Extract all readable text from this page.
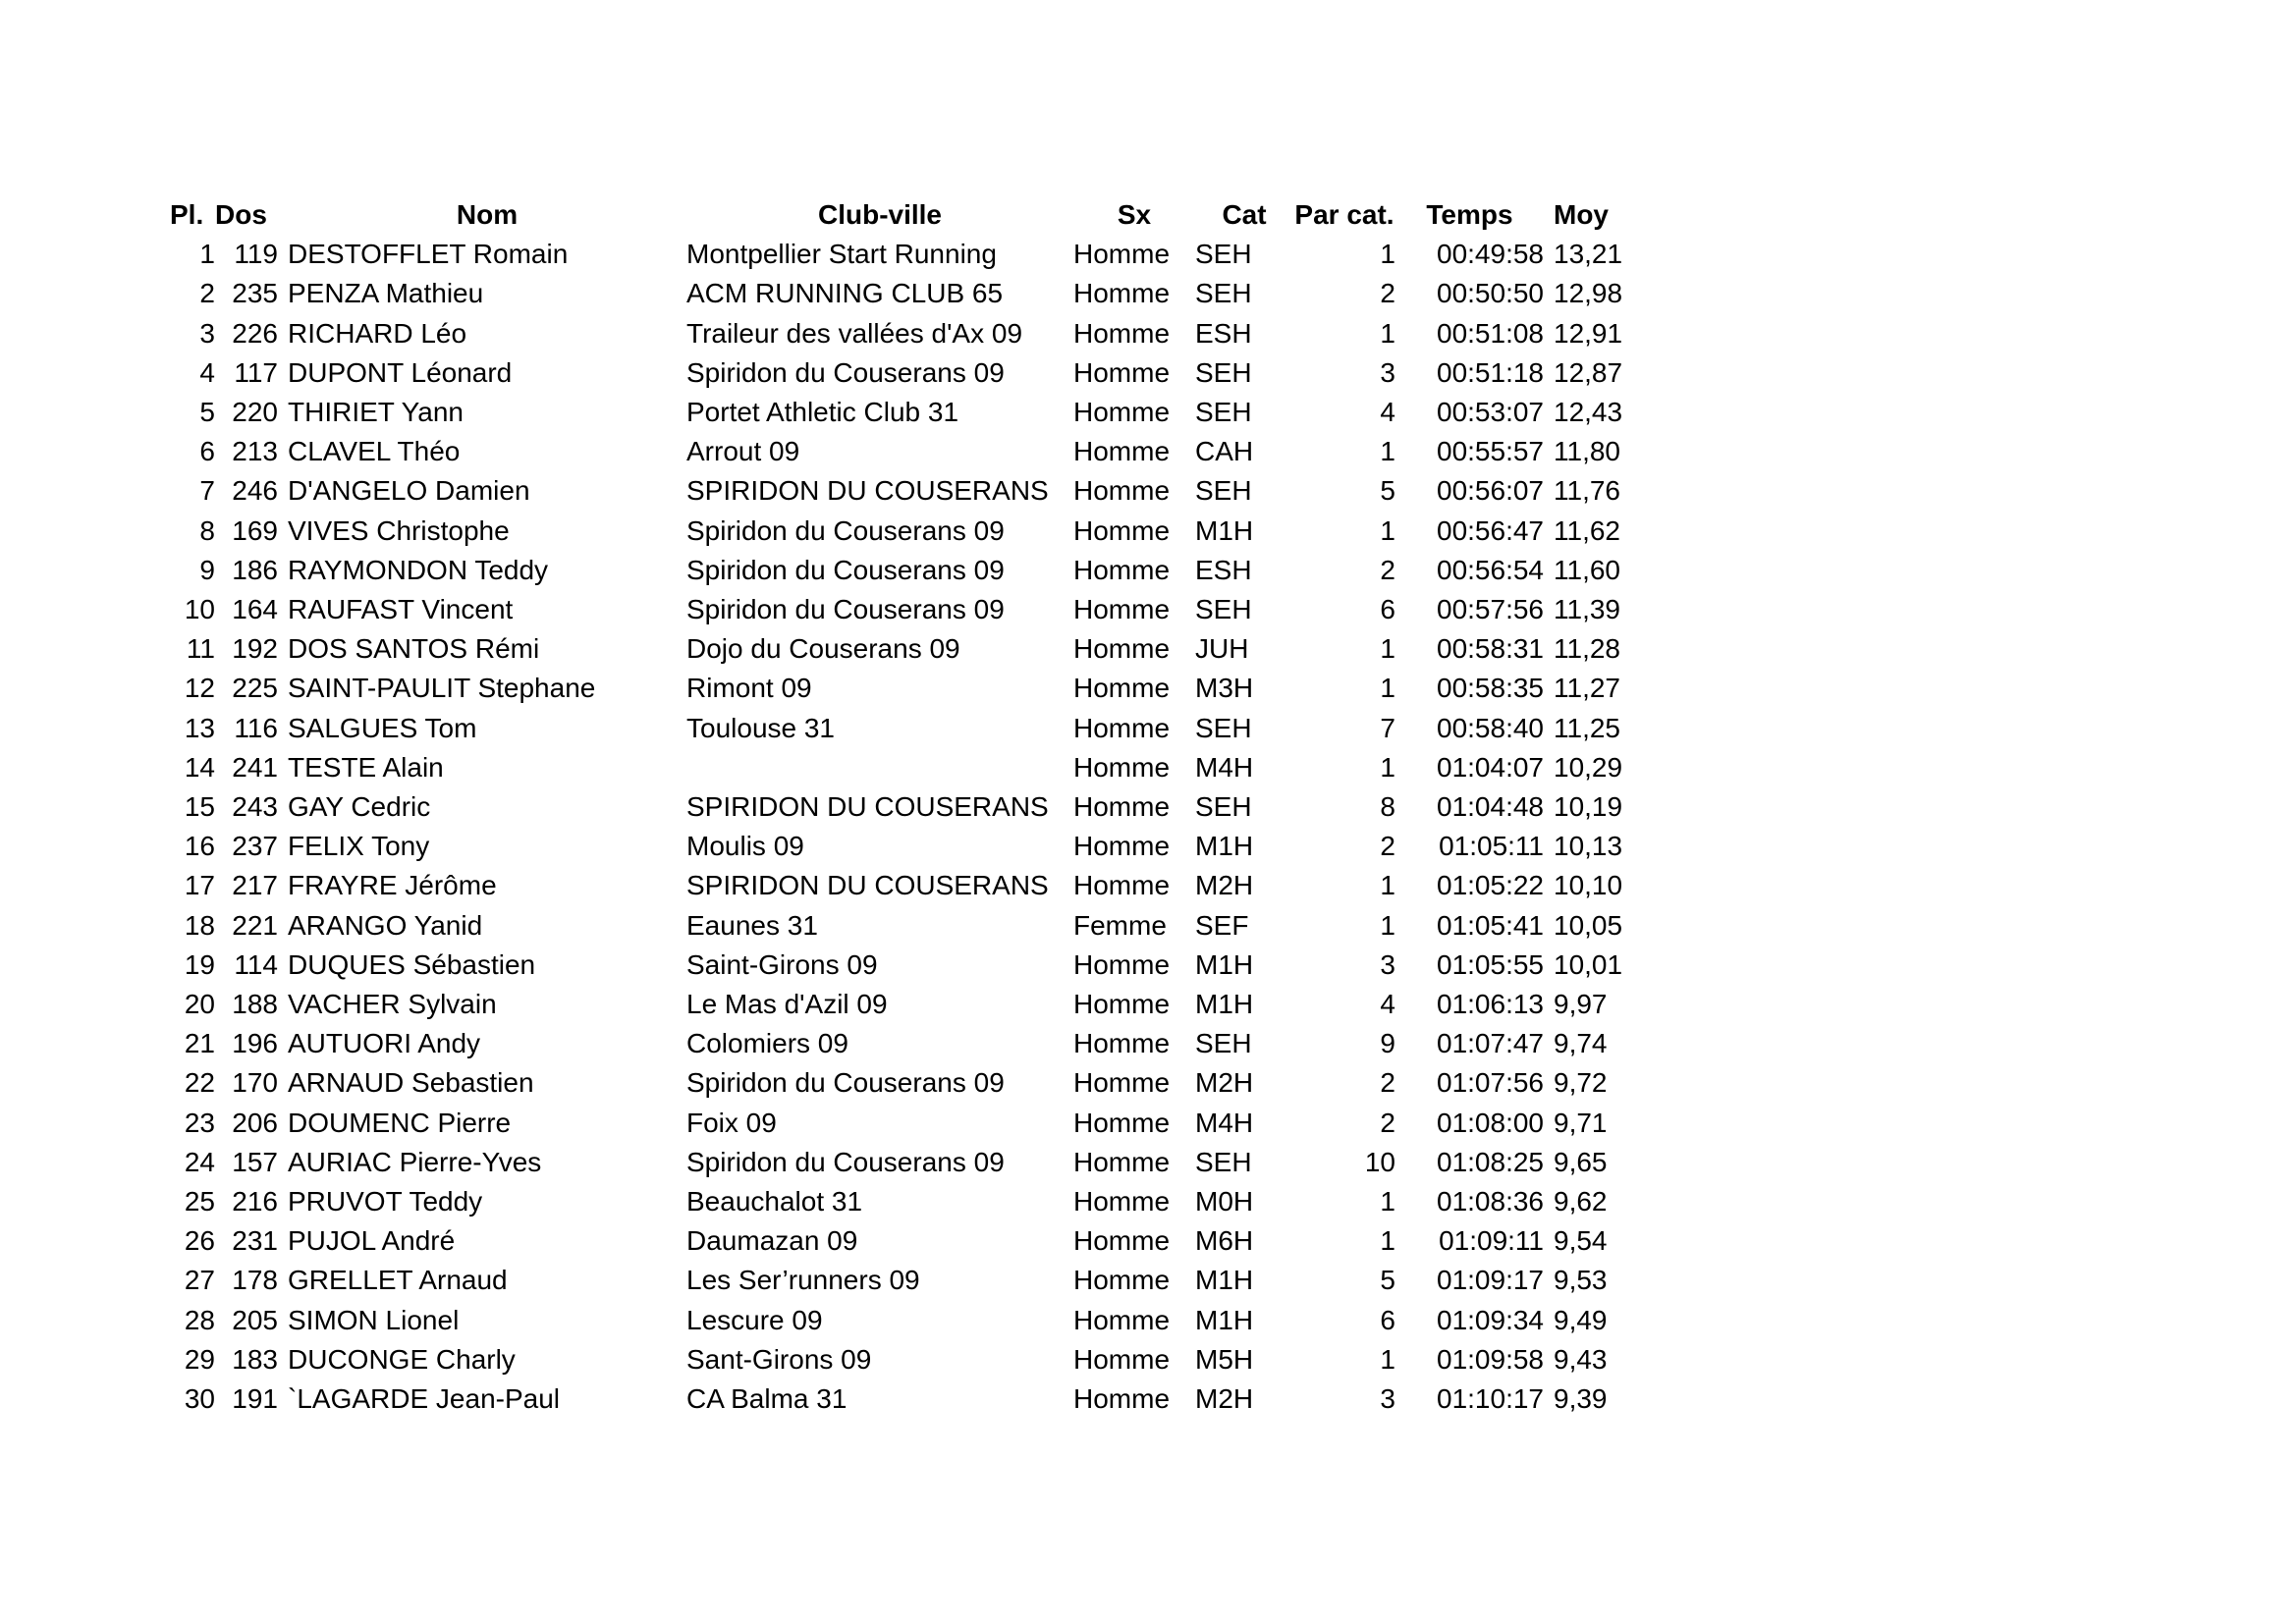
Pl.	Dos	Nom	Club-ville	Sx	Cat	Par cat.	Temps	Moy
1	119	DESTOFFLET Romain	Montpellier Start Running	Homme	SEH	1	00:49:58	13,21
2	235	PENZA Mathieu	ACM RUNNING CLUB 65	Homme	SEH	2	00:50:50	12,98
3	226	RICHARD Léo	Traileur des vallées d'Ax 09	Homme	ESH	1	00:51:08	12,91
4	117	DUPONT Léonard	Spiridon du Couserans 09	Homme	SEH	3	00:51:18	12,87
5	220	THIRIET Yann	Portet Athletic Club 31	Homme	SEH	4	00:53:07	12,43
6	213	CLAVEL Théo	Arrout 09	Homme	CAH	1	00:55:57	11,80
7	246	D'ANGELO Damien	SPIRIDON DU COUSERANS	Homme	SEH	5	00:56:07	11,76
8	169	VIVES Christophe	Spiridon du Couserans 09	Homme	M1H	1	00:56:47	11,62
9	186	RAYMONDON Teddy	Spiridon du Couserans 09	Homme	ESH	2	00:56:54	11,60
10	164	RAUFAST Vincent	Spiridon du Couserans 09	Homme	SEH	6	00:57:56	11,39
11	192	DOS SANTOS Rémi	Dojo du Couserans 09	Homme	JUH	1	00:58:31	11,28
12	225	SAINT-PAULIT Stephane	Rimont 09	Homme	M3H	1	00:58:35	11,27
13	116	SALGUES Tom	Toulouse 31	Homme	SEH	7	00:58:40	11,25
14	241	TESTE Alain		Homme	M4H	1	01:04:07	10,29
15	243	GAY Cedric	SPIRIDON DU COUSERANS	Homme	SEH	8	01:04:48	10,19
16	237	FELIX Tony	Moulis 09	Homme	M1H	2	01:05:11	10,13
17	217	FRAYRE Jérôme	SPIRIDON DU COUSERANS	Homme	M2H	1	01:05:22	10,10
18	221	ARANGO Yanid	Eaunes 31	Femme	SEF	1	01:05:41	10,05
19	114	DUQUES Sébastien	Saint-Girons 09	Homme	M1H	3	01:05:55	10,01
20	188	VACHER Sylvain	Le Mas d'Azil 09	Homme	M1H	4	01:06:13	9,97
21	196	AUTUORI Andy	Colomiers 09	Homme	SEH	9	01:07:47	9,74
22	170	ARNAUD Sebastien	Spiridon du Couserans 09	Homme	M2H	2	01:07:56	9,72
23	206	DOUMENC Pierre	Foix 09	Homme	M4H	2	01:08:00	9,71
24	157	AURIAC Pierre-Yves	Spiridon du Couserans 09	Homme	SEH	10	01:08:25	9,65
25	216	PRUVOT Teddy	Beauchalot 31	Homme	M0H	1	01:08:36	9,62
26	231	PUJOL André	Daumazan 09	Homme	M6H	1	01:09:11	9,54
27	178	GRELLET Arnaud	Les Ser’runners 09	Homme	M1H	5	01:09:17	9,53
28	205	SIMON Lionel	Lescure 09	Homme	M1H	6	01:09:34	9,49
29	183	DUCONGE Charly	Sant-Girons 09	Homme	M5H	1	01:09:58	9,43
30	191	`LAGARDE Jean-Paul	CA Balma 31	Homme	M2H	3	01:10:17	9,39
